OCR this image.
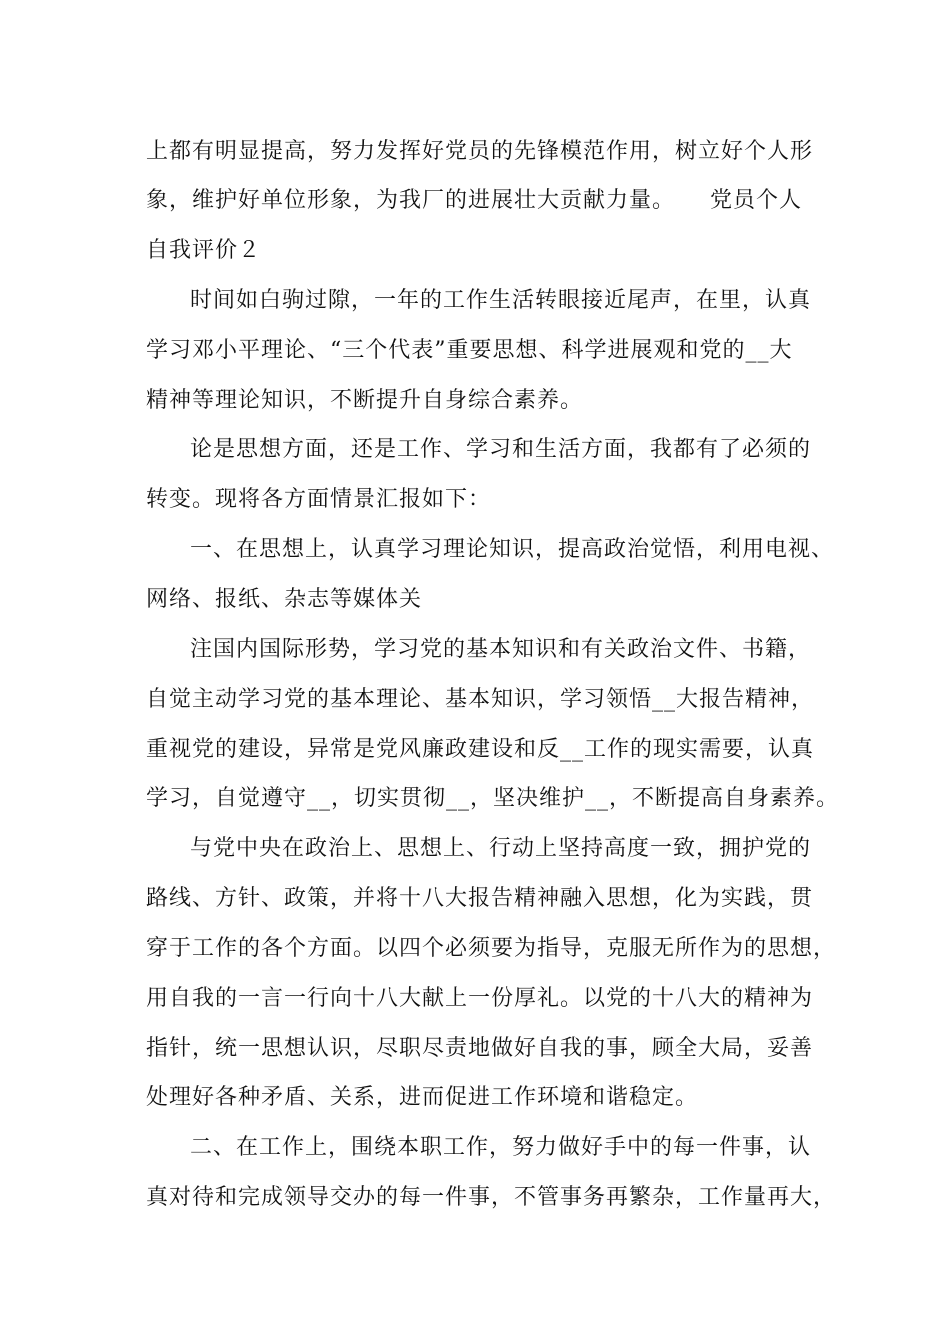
上都有明显提高，努力发挥好党员的先锋模范作用，树立好个人形
象，维护好单位形象，为我厂的进展壮大贡献力量。　　党员个人
自我评价２
时间如白驹过隙，一年的工作生活转眼接近尾声，在里，认真
学习邓小平理论、“三个代表”重要思想、科学进展观和党的__大
精神等理论知识，不断提升自身综合素养。
论是思想方面，还是工作、学习和生活方面，我都有了必须的
转变。现将各方面情景汇报如下：
一、在思想上，认真学习理论知识，提高政治觉悟，利用电视、
网络、报纸、杂志等媒体关
注国内国际形势，学习党的基本知识和有关政治文件、书籍，
自觉主动学习党的基本理论、基本知识，学习领悟__大报告精神，
重视党的建设，异常是党风廉政建设和反__工作的现实需要，认真
学习，自觉遵守__，切实贯彻__，坚决维护__，不断提高自身素养。
与党中央在政治上、思想上、行动上坚持高度一致，拥护党的
路线、方针、政策，并将十八大报告精神融入思想，化为实践，贯
穿于工作的各个方面。以四个必须要为指导，克服无所作为的思想，
用自我的一言一行向十八大献上一份厚礼。以党的十八大的精神为
指针，统一思想认识，尽职尽责地做好自我的事，顾全大局，妥善
处理好各种矛盾、关系，进而促进工作环境和谐稳定。
二、在工作上，围绕本职工作，努力做好手中的每一件事，认
真对待和完成领导交办的每一件事，不管事务再繁杂，工作量再大，
